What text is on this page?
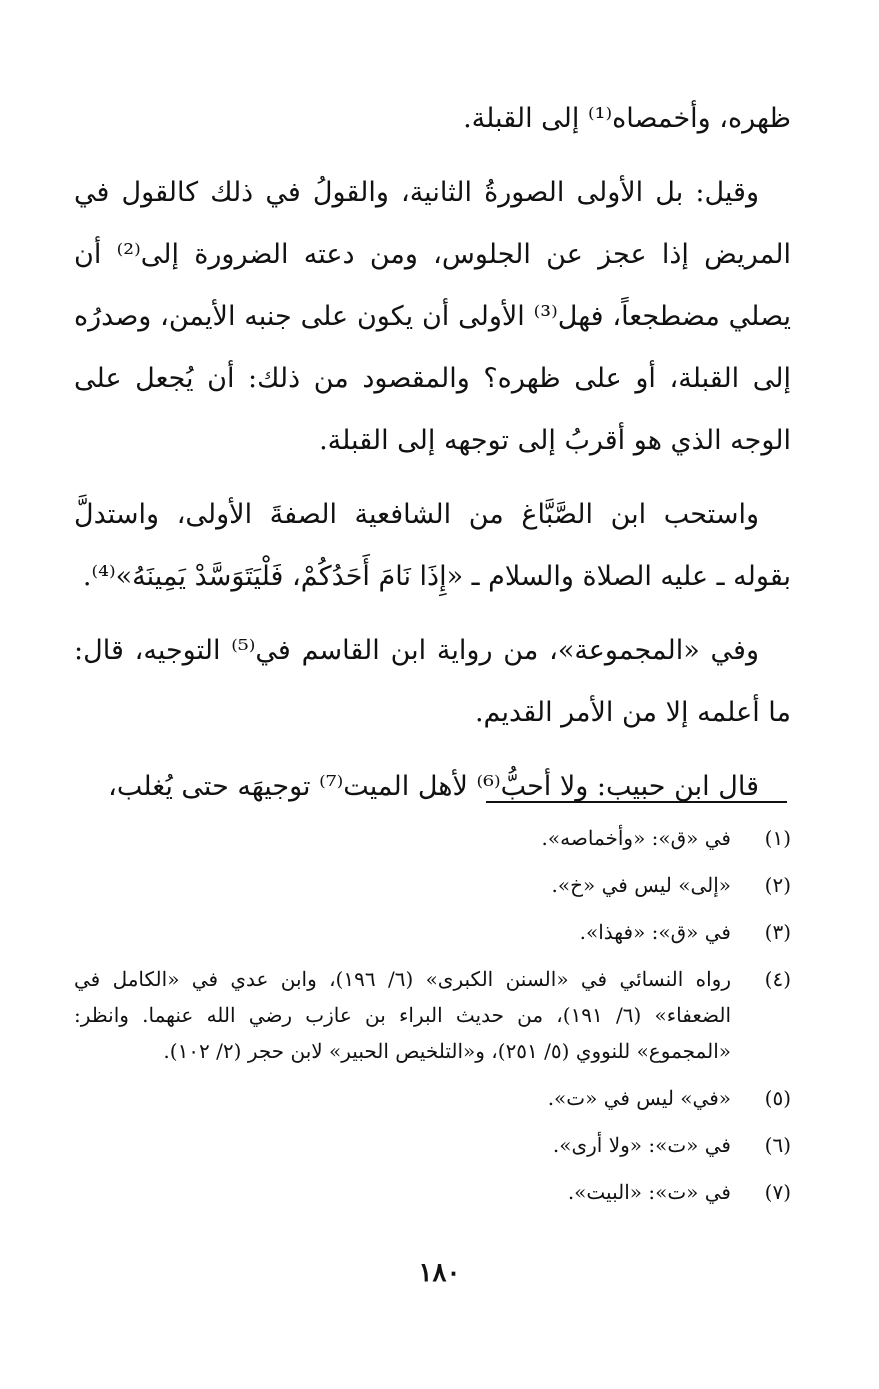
ظهره، وأخمصاه⁽¹⁾ إلى القبلة.

وقيل: بل الأولى الصورةُ الثانية، والقولُ في ذلك كالقول في المريض إذا عجز عن الجلوس، ومن دعته الضرورة إلى⁽²⁾ أن يصلي مضطجعاً، فهل⁽³⁾ الأولى أن يكون على جنبه الأيمن، وصدرُه إلى القبلة، أو على ظهره؟ والمقصود من ذلك: أن يُجعل على الوجه الذي هو أقربُ إلى توجهه إلى القبلة.

واستحب ابن الصَّبَّاغ من الشافعية الصفةَ الأولى، واستدلَّ بقوله ـ عليه الصلاة والسلام ـ «إِذَا نَامَ أَحَدُكُمْ، فَلْيَتَوَسَّدْ يَمِينَهُ»⁽⁴⁾.

وفي «المجموعة»، من رواية ابن القاسم في⁽⁵⁾ التوجيه، قال: ما أعلمه إلا من الأمر القديم.

قال ابن حبيب: ولا أحبُّ⁽⁶⁾ لأهل الميت⁽⁷⁾ توجيهَه حتى يُغلب،

(١)
في «ق»: «وأخماصه».
(٢)
«إلى» ليس في «خ».
(٣)
في «ق»: «فهذا».
(٤)
رواه النسائي في «السنن الكبرى» (٦/ ١٩٦)، وابن عدي في «الكامل في الضعفاء» (٦/ ١٩١)، من حديث البراء بن عازب رضي الله عنهما. وانظر: «المجموع» للنووي (٥/ ٢٥١)، و«التلخيص الحبير» لابن حجر (٢/ ١٠٢).
(٥)
«في» ليس في «ت».
(٦)
في «ت»: «ولا أرى».
(٧)
في «ت»: «البيت».
١٨٠
